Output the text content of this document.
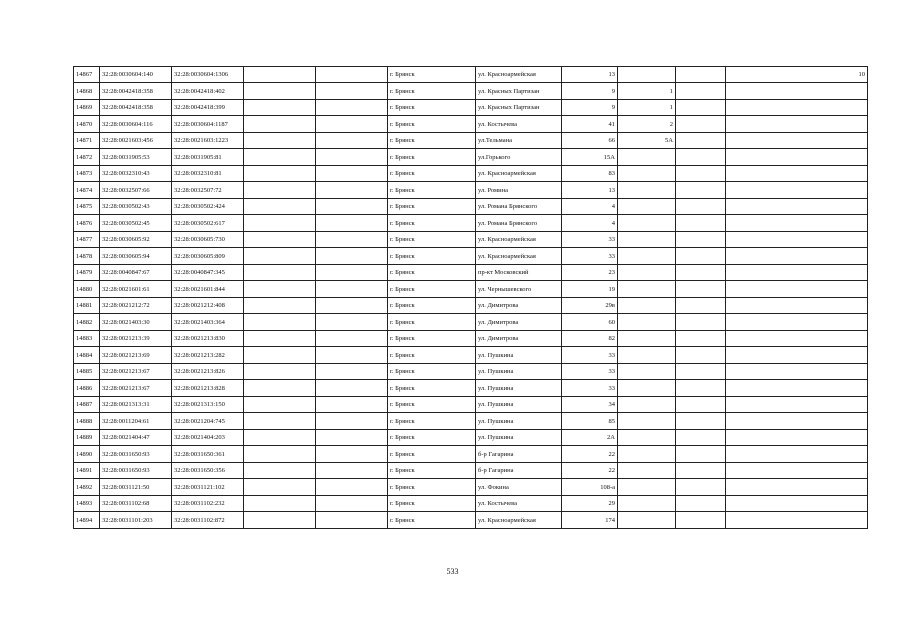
14867	32:28:0030604:140	32:28:0030604:1306			г. Брянск	ул. Красноармейская	13			10
14868	32:28:0042418:358	32:28:0042418:402			г. Брянск	ул. Красных Партизан	9	1		
14869	32:28:0042418:358	32:28:0042418:399			г. Брянск	ул. Красных Партизан	9	1		
14870	32:28:0030604:116	32:28:0030604:1187			г. Брянск	ул. Костычева	41	2		
14871	32:28:0021603:456	32:28:0021603:1223			г. Брянск	ул.Тельмана	66	5А		
14872	32:28:0031905:53	32:28:0031905:81			г. Брянск	ул.Горького	15А			
14873	32:28:0032310:43	32:28:0032310:81			г. Брянск	ул. Красноармейская	83			
14874	32:28:0032507:66	32:28:0032507:72			г. Брянск	ул. Ромина	13			
14875	32:28:0030502:43	32:28:0030502:424			г. Брянск	ул. Романа Брянского	4			
14876	32:28:0030502:45	32:28:0030502:617			г. Брянск	ул. Романа Брянского	4			
14877	32:28:0030605:92	32:28:0030605:730			г. Брянск	ул. Красноармейская	33			
14878	32:28:0030605:94	32:28:0030605:809			г. Брянск	ул. Красноармейская	33			
14879	32:28:0040847:67	32:28:0040847:345			г. Брянск	пр-кт Московский	23			
14880	32:28:0021601:61	32:28:0021601:844			г. Брянск	ул. Чернышевского	19			
14881	32:28:0021212:72	32:28:0021212:408			г. Брянск	ул. Димитрова	29в			
14882	32:28:0021403:30	32:28:0021403:364			г. Брянск	ул. Димитрова	60			
14883	32:28:0021213:39	32:28:0021213:830			г. Брянск	ул. Димитрова	82			
14884	32:28:0021213:69	32:28:0021213:282			г. Брянск	ул. Пушкина	33			
14885	32:28:0021213:67	32:28:0021213:826			г. Брянск	ул. Пушкина	33			
14886	32:28:0021213:67	32:28:0021213:828			г. Брянск	ул. Пушкина	33			
14887	32:28:0021313:31	32:28:0021313:150			г. Брянск	ул. Пушкина	34			
14888	32:28:0011204:61	32:28:0021204:745			г. Брянск	ул. Пушкина	85			
14889	32:28:0021404:47	32:28:0021404:203			г. Брянск	ул. Пушкина	2А			
14890	32:28:0031650:93	32:28:0031650:361			г. Брянск	б-р Гагарина	22			
14891	32:28:0031650:93	32:28:0031650:356			г. Брянск	б-р Гагарина	22			
14892	32:28:0031121:50	32:28:0031121:102			г. Брянск	ул. Фокина	108-а			
14893	32:28:0031102:68	32:28:0031102:232			г. Брянск	ул. Костычева	29			
14894	32:28:0031101:203	32:28:0031102:872			г. Брянск	ул. Красноармейская	174			
533
